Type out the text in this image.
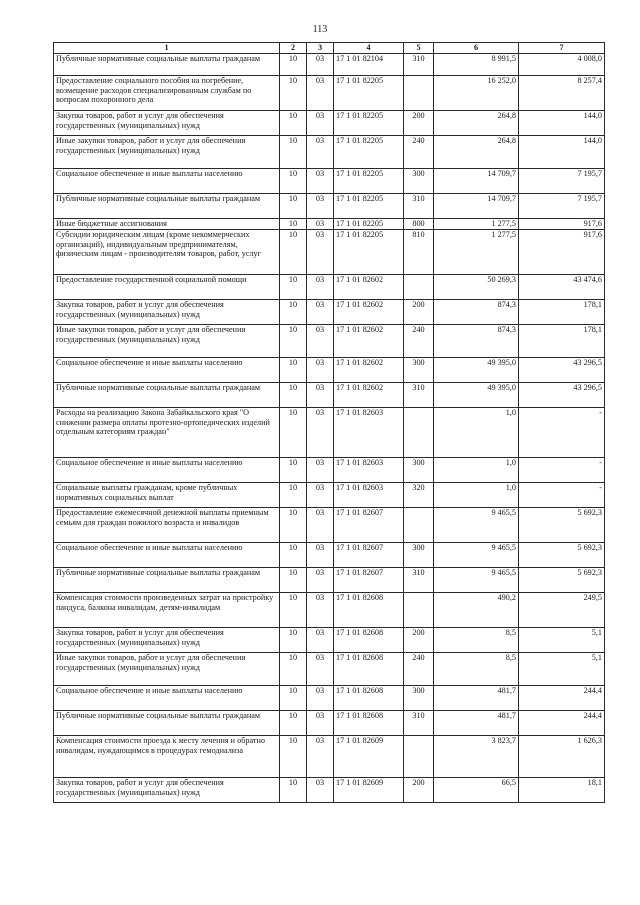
113
1	2	3	4	5	6	7
Публичные нормативные социальные выплаты гражданам	10	03	17 1 01 82104	310	8 991,5	4 008,0
Предоставление социального пособия на погребение, возмещение расходов специализированным службам по вопросам похоронного дела	10	03	17 1 01 82205		16 252,0	8 257,4
Закупка товаров, работ и услуг для обеспечения государственных (муниципальных) нужд	10	03	17 1 01 82205	200	264,8	144,0
Иные закупки товаров, работ и услуг для обеспечения государственных (муниципальных) нужд	10	03	17 1 01 82205	240	264,8	144,0
Социальное обеспечение и иные выплаты населению	10	03	17 1 01 82205	300	14 709,7	7 195,7
Публичные нормативные социальные выплаты гражданам	10	03	17 1 01 82205	310	14 709,7	7 195,7
Иные бюджетные ассигнования	10	03	17 1 01 82205	800	1 277,5	917,6
Субсидии юридическим лицам (кроме некоммерческих организаций), индивидуальным предпринимателям, физическим лицам - производителям товаров, работ, услуг	10	03	17 1 01 82205	810	1 277,5	917,6
Предоставление государственной социальной помощи	10	03	17 1 01 82602		50 269,3	43 474,6
Закупка товаров, работ и услуг для обеспечения государственных (муниципальных) нужд	10	03	17 1 01 82602	200	874,3	178,1
Иные закупки товаров, работ и услуг для обеспечения государственных (муниципальных) нужд	10	03	17 1 01 82602	240	874,3	178,1
Социальное обеспечение и иные выплаты населению	10	03	17 1 01 82602	300	49 395,0	43 296,5
Публичные нормативные социальные выплаты гражданам	10	03	17 1 01 82602	310	49 395,0	43 296,5
Расходы на реализацию Закона Забайкальского края "О снижении размера оплаты протезно-ортопедических изделий отдельным категориям граждан"	10	03	17 1 01 82603		1,0	-
Социальное обеспечение и иные выплаты населению	10	03	17 1 01 82603	300	1,0	-
Социальные выплаты гражданам, кроме публичных нормативных социальных выплат	10	03	17 1 01 82603	320	1,0	-
Предоставление ежемесячной денежной выплаты приемным семьям для граждан пожилого возраста и инвалидов	10	03	17 1 01 82607		9 465,5	5 692,3
Социальное обеспечение и иные выплаты населению	10	03	17 1 01 82607	300	9 465,5	5 692,3
Публичные нормативные социальные выплаты гражданам	10	03	17 1 01 82607	310	9 465,5	5 692,3
Компенсация стоимости произведенных затрат на пристройку пандуса, балкона инвалидам, детям-инвалидам	10	03	17 1 01 82608		490,2	249,5
Закупка товаров, работ и услуг для обеспечения государственных (муниципальных) нужд	10	03	17 1 01 82608	200	8,5	5,1
Иные закупки товаров, работ и услуг для обеспечения государственных (муниципальных) нужд	10	03	17 1 01 82608	240	8,5	5,1
Социальное обеспечение и иные выплаты населению	10	03	17 1 01 82608	300	481,7	244,4
Публичные нормативные социальные выплаты гражданам	10	03	17 1 01 82608	310	481,7	244,4
Компенсация стоимости проезда к месту лечения и обратно инвалидам, нуждающимся в процедурах гемодиализа	10	03	17 1 01 82609		3 823,7	1 626,3
Закупка товаров, работ и услуг для обеспечения государственных (муниципальных) нужд	10	03	17 1 01 82609	200	66,5	18,1
